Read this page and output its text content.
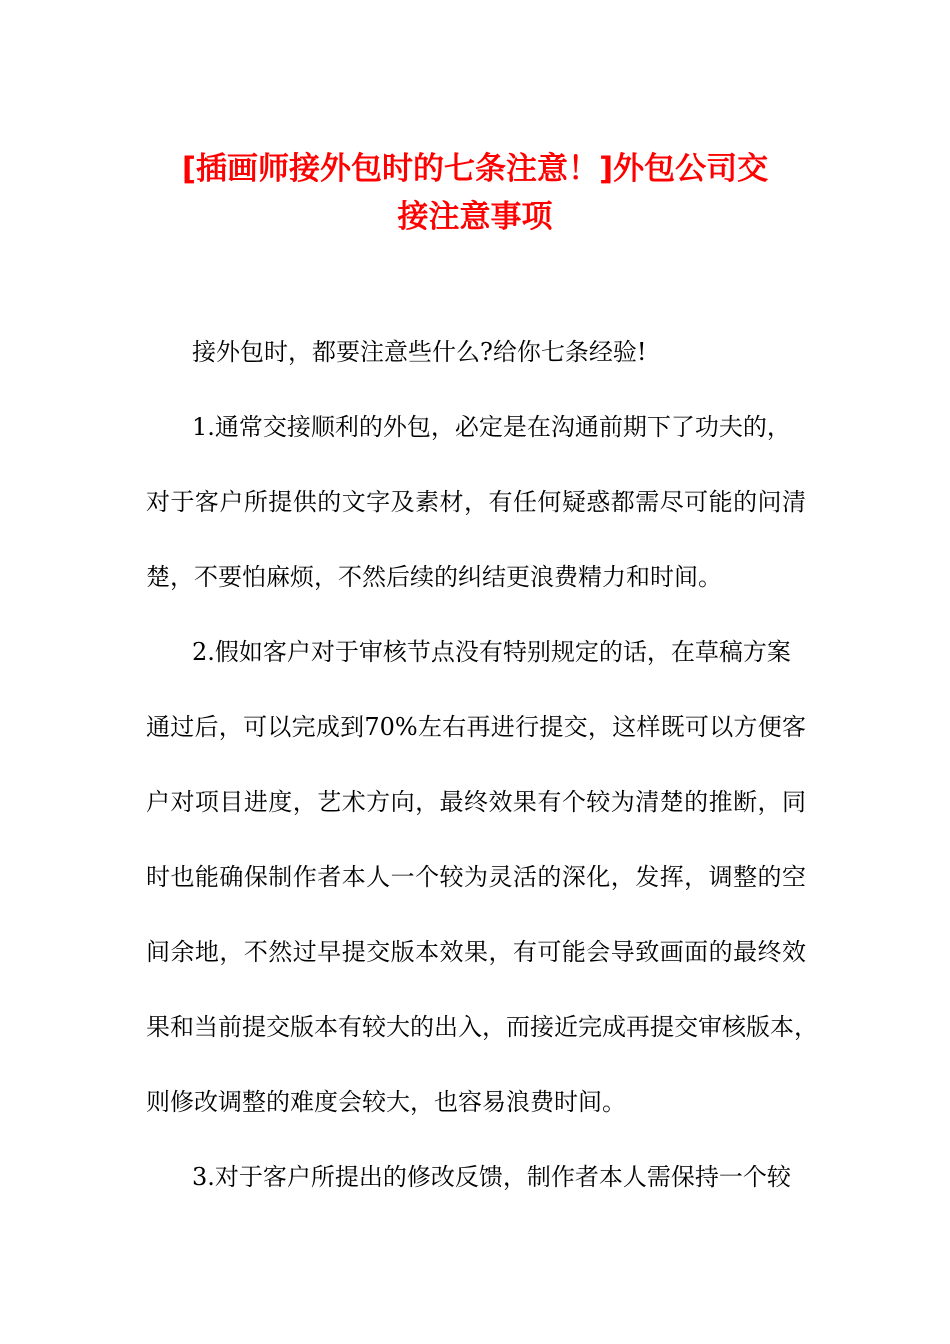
[插画师接外包时的七条注意！]外包公司交
接注意事项
接外包时，都要注意些什么?给你七条经验!
1.通常交接顺利的外包，必定是在沟通前期下了功夫的，
对于客户所提供的文字及素材，有任何疑惑都需尽可能的问清
楚，不要怕麻烦，不然后续的纠结更浪费精力和时间。
2.假如客户对于审核节点没有特别规定的话，在草稿方案
通过后，可以完成到70%左右再进行提交，这样既可以方便客
户对项目进度，艺术方向，最终效果有个较为清楚的推断，同
时也能确保制作者本人一个较为灵活的深化，发挥，调整的空
间余地，不然过早提交版本效果，有可能会导致画面的最终效
果和当前提交版本有较大的出入，而接近完成再提交审核版本，
则修改调整的难度会较大，也容易浪费时间。
3.对于客户所提出的修改反馈，制作者本人需保持一个较
